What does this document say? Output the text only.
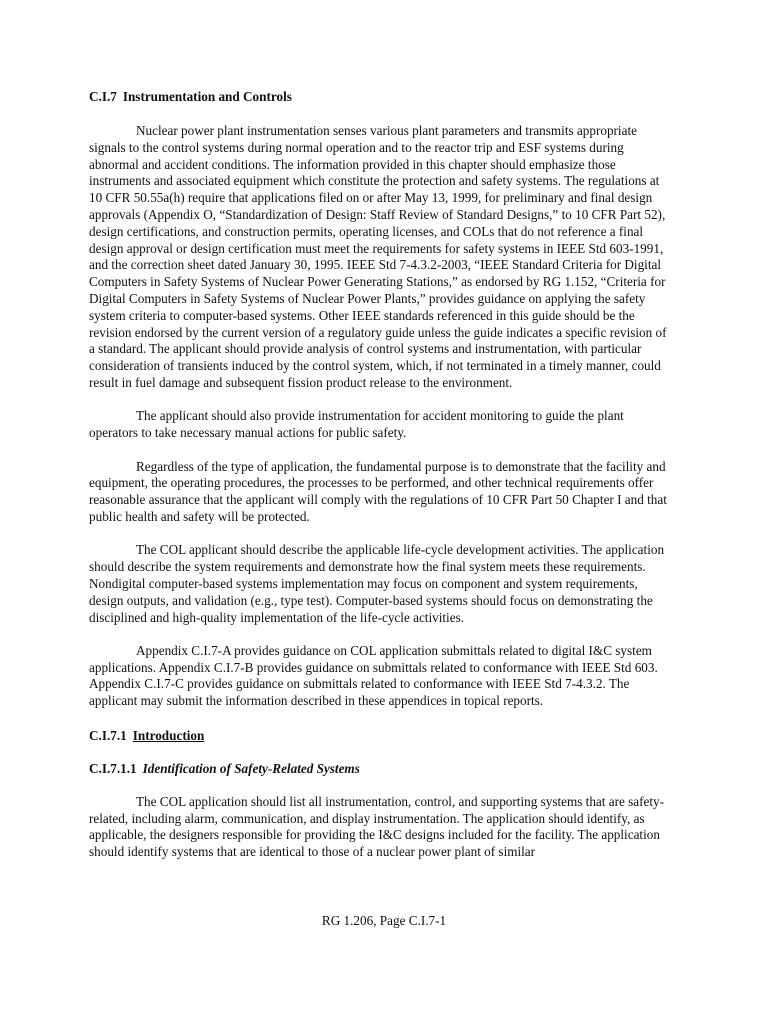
C.I.7 Instrumentation and Controls

Nuclear power plant instrumentation senses various plant parameters and transmits appropriate signals to the control systems during normal operation and to the reactor trip and ESF systems during abnormal and accident conditions. The information provided in this chapter should emphasize those instruments and associated equipment which constitute the protection and safety systems. The regulations at 10 CFR 50.55a(h) require that applications filed on or after May 13, 1999, for preliminary and final design approvals (Appendix O, “Standardization of Design: Staff Review of Standard Designs,” to 10 CFR Part 52), design certifications, and construction permits, operating licenses, and COLs that do not reference a final design approval or design certification must meet the requirements for safety systems in IEEE Std 603-1991, and the correction sheet dated January 30, 1995. IEEE Std 7-4.3.2-2003, “IEEE Standard Criteria for Digital Computers in Safety Systems of Nuclear Power Generating Stations,” as endorsed by RG 1.152, “Criteria for Digital Computers in Safety Systems of Nuclear Power Plants,” provides guidance on applying the safety system criteria to computer-based systems. Other IEEE standards referenced in this guide should be the revision endorsed by the current version of a regulatory guide unless the guide indicates a specific revision of a standard. The applicant should provide analysis of control systems and instrumentation, with particular consideration of transients induced by the control system, which, if not terminated in a timely manner, could result in fuel damage and subsequent fission product release to the environment.

The applicant should also provide instrumentation for accident monitoring to guide the plant operators to take necessary manual actions for public safety.

Regardless of the type of application, the fundamental purpose is to demonstrate that the facility and equipment, the operating procedures, the processes to be performed, and other technical requirements offer reasonable assurance that the applicant will comply with the regulations of 10 CFR Part 50 Chapter I and that public health and safety will be protected.

The COL applicant should describe the applicable life-cycle development activities. The application should describe the system requirements and demonstrate how the final system meets these requirements. Nondigital computer-based systems implementation may focus on component and system requirements, design outputs, and validation (e.g., type test). Computer-based systems should focus on demonstrating the disciplined and high-quality implementation of the life-cycle activities.

Appendix C.I.7-A provides guidance on COL application submittals related to digital I&C system applications. Appendix C.I.7-B provides guidance on submittals related to conformance with IEEE Std 603. Appendix C.I.7-C provides guidance on submittals related to conformance with IEEE Std 7-4.3.2. The applicant may submit the information described in these appendices in topical reports.

C.I.7.1 Introduction
C.I.7.1.1 Identification of Safety-Related Systems

The COL application should list all instrumentation, control, and supporting systems that are safety-related, including alarm, communication, and display instrumentation. The application should identify, as applicable, the designers responsible for providing the I&C designs included for the facility. The application should identify systems that are identical to those of a nuclear power plant of similar

RG 1.206, Page C.I.7-1
